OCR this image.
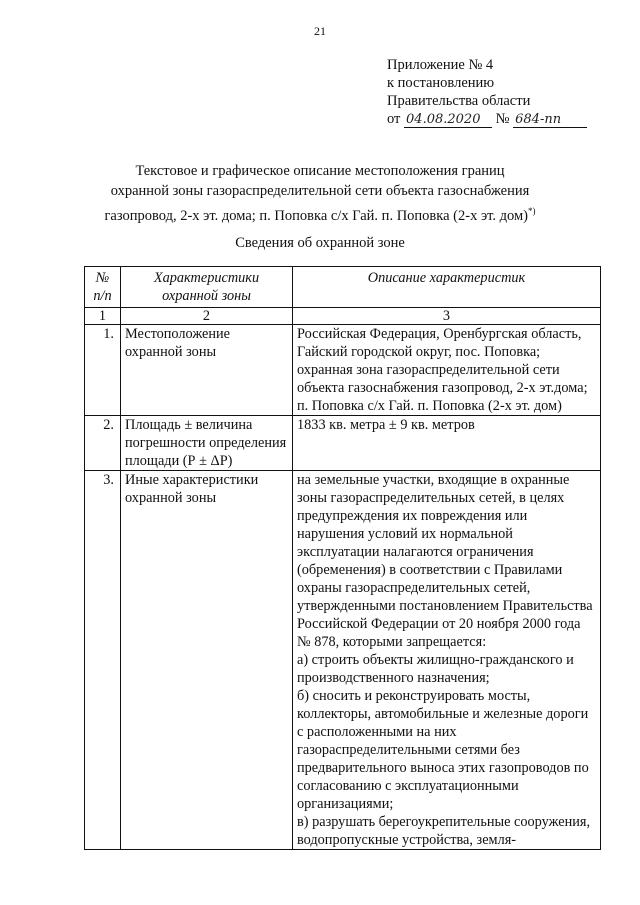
21
Приложение № 4
к постановлению
Правительства области
от 04.08.2020 № 684-пп
Текстовое и графическое описание местоположения границ
охранной зоны газораспределительной сети объекта газоснабжения
газопровод, 2-х эт. дома; п. Поповка с/х Гай. п. Поповка (2-х эт. дом)*)
Сведения об охранной зоне
№ п/п	Характеристики охранной зоны	Описание характеристик
1	2	3
1.	Местоположение охранной зоны	Российская Федерация, Оренбургская область, Гайский городской округ, пос. Поповка; охранная зона газораспределительной сети объекта газоснабжения газопровод, 2-х эт.дома; п. Поповка с/х Гай. п. Поповка (2-х эт. дом)
2.	Площадь ± величина погрешности определения площади (Р ± ΔР)	1833 кв. метра ± 9 кв. метров
3.	Иные характеристики охранной зоны	на земельные участки, входящие в охранные зоны газораспределительных сетей, в целях предупреждения их повреждения или нарушения условий их нормальной эксплуатации налагаются ограничения (обременения) в соответствии с Правилами охраны газораспределительных сетей, утвержденными постановлением Правительства Российской Федерации от 20 ноября 2000 года № 878, которыми запрещается:
а) строить объекты жилищно-гражданского и производственного назначения;
б) сносить и реконструировать мосты, коллекторы, автомобильные и железные дороги с расположенными на них газораспределительными сетями без предварительного выноса этих газопроводов по согласованию с эксплуатационными организациями;
в) разрушать берегоукрепительные сооружения, водопропускные устройства, земля-
